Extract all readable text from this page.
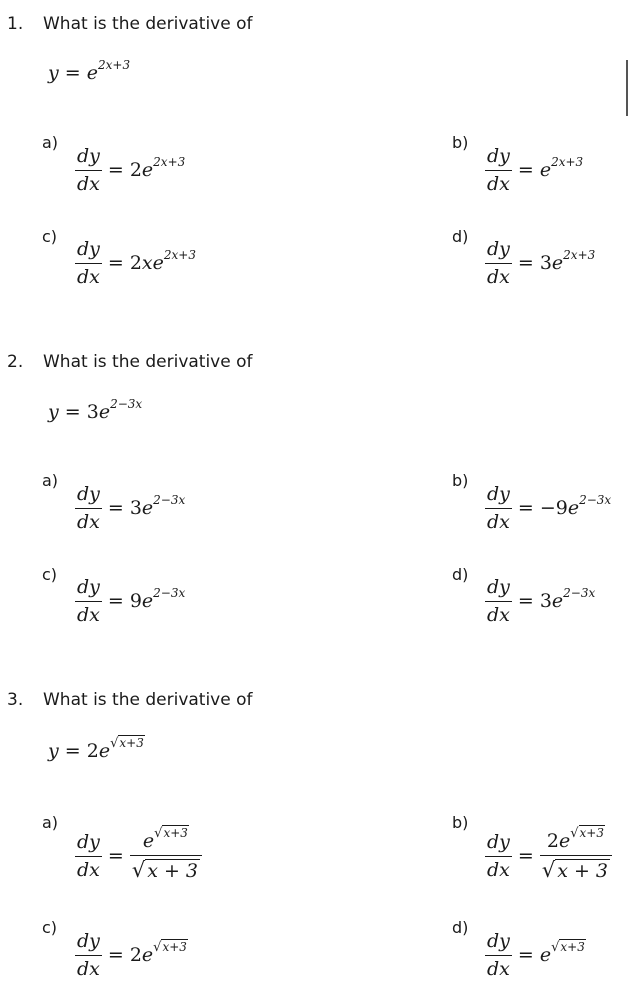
1. What is the derivative of
$y = e^{2x+3}$
a)
$\frac{dy}{dx} = 2e^{2x+3}$
b)
$\frac{dy}{dx} = e^{2x+3}$
c)
$\frac{dy}{dx} = 2xe^{2x+3}$
d)
$\frac{dy}{dx} = 3e^{2x+3}$
2. What is the derivative of
$y = 3e^{2-3x}$
a)
$\frac{dy}{dx} = 3e^{2-3x}$
b)
$\frac{dy}{dx} = -9e^{2-3x}$
c)
$\frac{dy}{dx} = 9e^{2-3x}$
d)
$\frac{dy}{dx} = 3e^{2-3x}$
3. What is the derivative of
$y = 2e^{√x+3}$
a)
$\frac{dy}{dx} = \frac{e^{√x+3}}{√ x + 3}$
b)
$\frac{dy}{dx} = \frac{2e^{√x+3}}{√ x + 3}$
c)
$\frac{dy}{dx} = 2e^{√x+3}$
d)
$\frac{dy}{dx} = e^{√x+3}$
